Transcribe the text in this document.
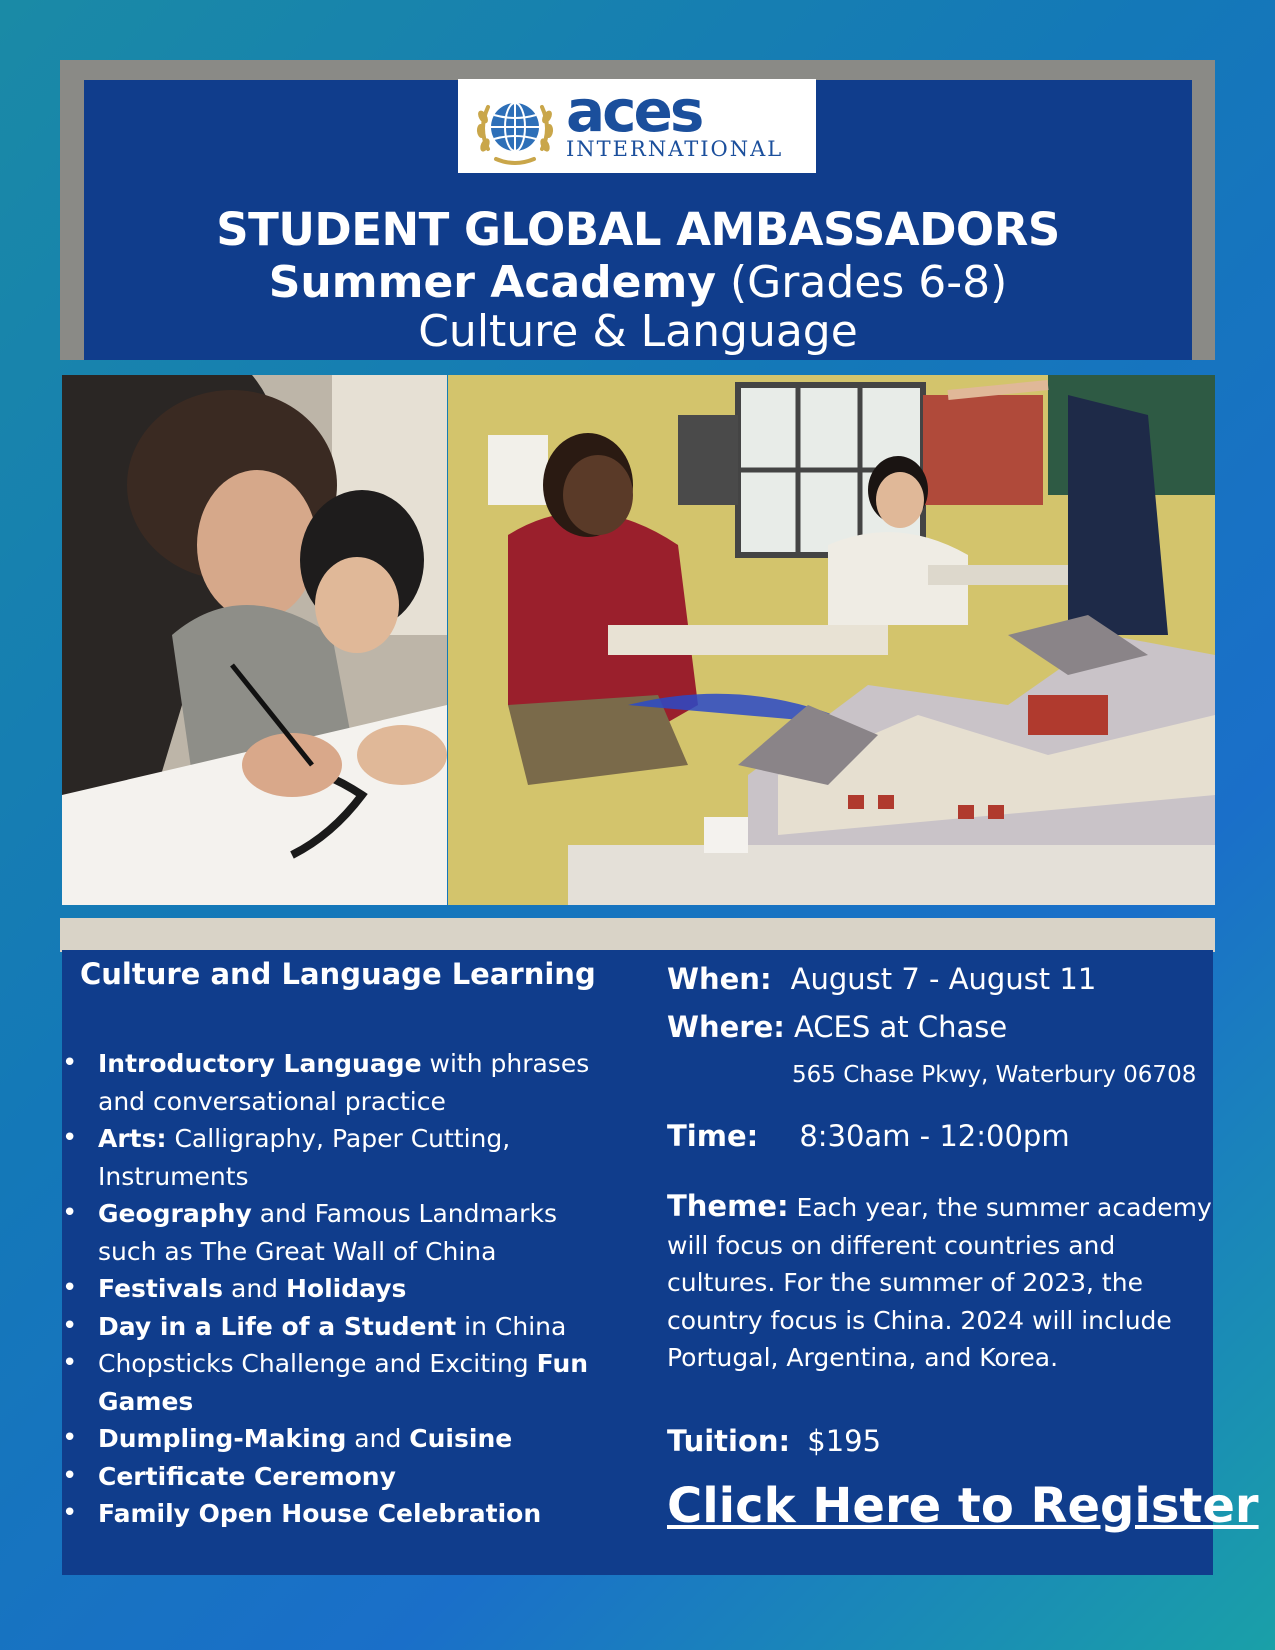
aces
INTERNATIONAL
STUDENT GLOBAL AMBASSADORS
Summer Academy (Grades 6-8)
Culture & Language
Culture and Language Learning
• Introductory Language with phrases and conversational practice
• Arts: Calligraphy, Paper Cutting, Instruments
• Geography and Famous Landmarks such as The Great Wall of China
• Festivals and Holidays
• Day in a Life of a Student in China
• Chopsticks Challenge and Exciting Fun Games
• Dumpling-Making and Cuisine
• Certificate Ceremony
• Family Open House Celebration
When: August 7 - August 11
Where: ACES at Chase
565 Chase Pkwy, Waterbury 06708
Time: 8:30am - 12:00pm
Theme: Each year, the summer academy will focus on different countries and cultures. For the summer of 2023, the country focus is China. 2024 will include Portugal, Argentina, and Korea.
Tuition: $195
Click Here to Register
